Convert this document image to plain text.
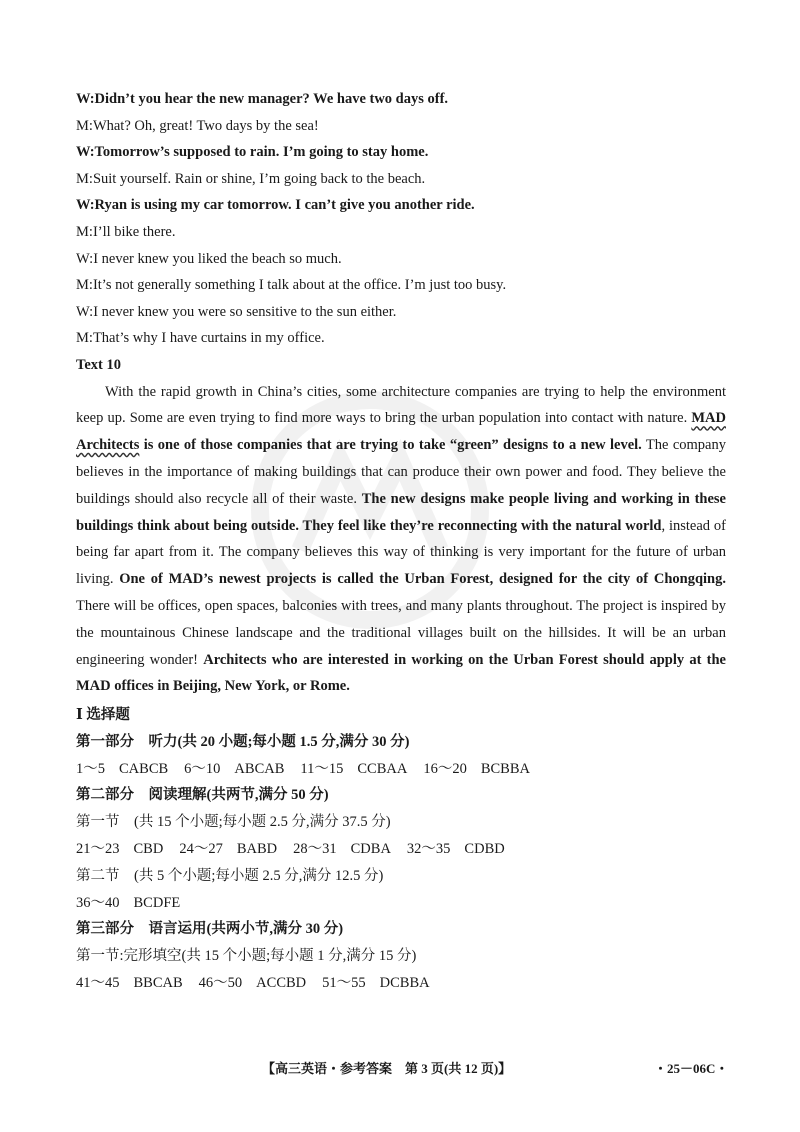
W:Didn’t you hear the new manager? We have two days off.
M:What? Oh, great! Two days by the sea!
W:Tomorrow’s supposed to rain. I’m going to stay home.
M:Suit yourself. Rain or shine, I’m going back to the beach.
W:Ryan is using my car tomorrow. I can’t give you another ride.
M:I’ll bike there.
W:I never knew you liked the beach so much.
M:It’s not generally something I talk about at the office. I’m just too busy.
W:I never knew you were so sensitive to the sun either.
M:That’s why I have curtains in my office.
Text 10
With the rapid growth in China’s cities, some architecture companies are trying to help the environment keep up. Some are even trying to find more ways to bring the urban population into contact with nature. MAD Architects is one of those companies that are trying to take “green” designs to a new level. The company believes in the importance of making buildings that can produce their own power and food. They believe the buildings should also recycle all of their waste. The new designs make people living and working in these buildings think about being outside. They feel like they’re reconnecting with the natural world, instead of being far apart from it. The company believes this way of thinking is very important for the future of urban living. One of MAD’s newest projects is called the Urban Forest, designed for the city of Chongqing. There will be offices, open spaces, balconies with trees, and many plants throughout. The project is inspired by the mountainous Chinese landscape and the traditional villages built on the hillsides. It will be an urban engineering wonder! Architects who are interested in working on the Urban Forest should apply at the MAD offices in Beijing, New York, or Rome.
Ⅰ 选择题
第一部分　听力(共 20 小题;每小题 1.5 分,满分 30 分)
1～5 CABCB 6～10 ABCAB 11～15 CCBAA 16～20 BCBBA
第二部分　阅读理解(共两节,满分 50 分)
第一节　(共 15 个小题;每小题 2.5 分,满分 37.5 分)
21～23 CBD 24～27 BABD 28～31 CDBA 32～35 CDBD
第二节　(共 5 个小题;每小题 2.5 分,满分 12.5 分)
36～40 BCDFE
第三部分　语言运用(共两小节,满分 30 分)
第一节:完形填空(共 15 个小题;每小题 1 分,满分 15 分)
41～45 BBCAB 46～50 ACCBD 51～55 DCBBA
【高三英语・参考答案　第 3 页(共 12 页)】	・25－06C・
